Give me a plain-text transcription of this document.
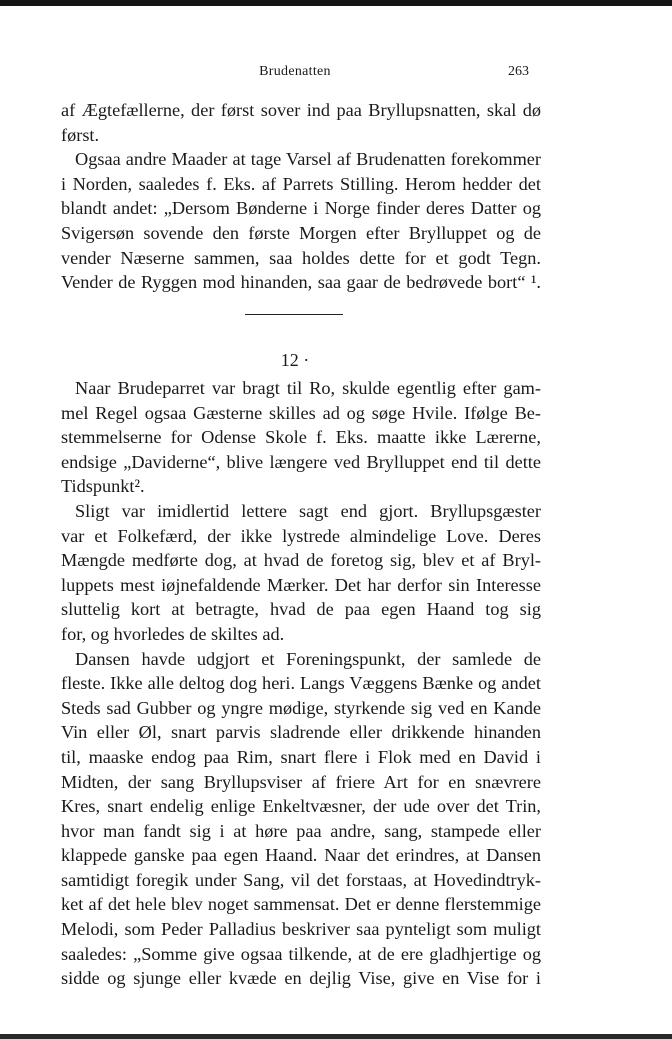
Brudenatten	263
af Ægtefællerne, der først sover ind paa Bryllupsnatten, skal dø
først.
Ogsaa andre Maader at tage Varsel af Brudenatten forekommer
i Norden, saaledes f. Eks. af Parrets Stilling. Herom hedder det
blandt andet: „Dersom Bønderne i Norge finder deres Datter og
Svigersøn sovende den første Morgen efter Brylluppet og de
vender Næserne sammen, saa holdes dette for et godt Tegn.
Vender de Ryggen mod hinanden, saa gaar de bedrøvede bort“ ¹.
12 ·
Naar Brudeparret var bragt til Ro, skulde egentlig efter gam-
mel Regel ogsaa Gæsterne skilles ad og søge Hvile. Ifølge Be-
stemmelserne for Odense Skole f. Eks. maatte ikke Lærerne,
endsige „Daviderne“, blive længere ved Brylluppet end til dette
Tidspunkt².
Sligt var imidlertid lettere sagt end gjort. Bryllupsgæster
var et Folkefærd, der ikke lystrede almindelige Love. Deres
Mængde medførte dog, at hvad de foretog sig, blev et af Bryl-
luppets mest iøjnefaldende Mærker. Det har derfor sin Interesse
sluttelig kort at betragte, hvad de paa egen Haand tog sig
for, og hvorledes de skiltes ad.
Dansen havde udgjort et Foreningspunkt, der samlede de
fleste. Ikke alle deltog dog heri. Langs Væggens Bænke og andet
Steds sad Gubber og yngre mødige, styrkende sig ved en Kande
Vin eller Øl, snart parvis sladrende eller drikkende hinanden
til, maaske endog paa Rim, snart flere i Flok med en David i
Midten, der sang Bryllupsviser af friere Art for en snævrere
Kres, snart endelig enlige Enkeltvæsner, der ude over det Trin,
hvor man fandt sig i at høre paa andre, sang, stampede eller
klappede ganske paa egen Haand. Naar det erindres, at Dansen
samtidigt foregik under Sang, vil det forstaas, at Hovedindtryk-
ket af det hele blev noget sammensat. Det er denne flerstemmige
Melodi, som Peder Palladius beskriver saa pynteligt som muligt
saaledes: „Somme give ogsaa tilkende, at de ere gladhjertige og
sidde og sjunge eller kvæde en dejlig Vise, give en Vise for i
